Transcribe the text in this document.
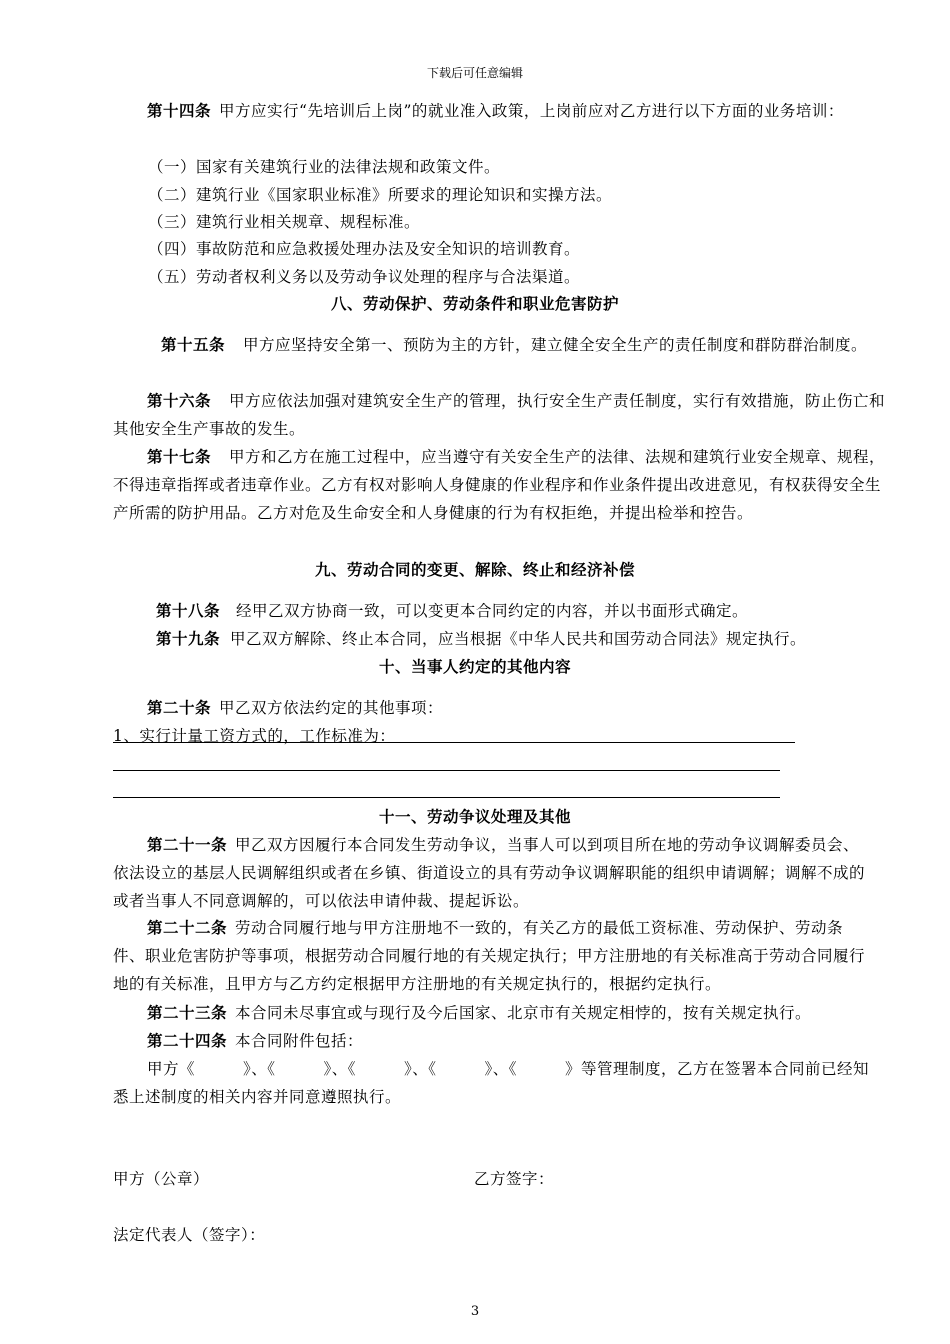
下载后可任意编辑
第十四条 甲方应实行“先培训后上岗”的就业准入政策，上岗前应对乙方进行以下方面的业务培训：
（一）国家有关建筑行业的法律法规和政策文件。
（二）建筑行业《国家职业标准》所要求的理论知识和实操方法。
（三）建筑行业相关规章、规程标准。
（四）事故防范和应急救援处理办法及安全知识的培训教育。
（五）劳动者权利义务以及劳动争议处理的程序与合法渠道。
八、劳动保护、劳动条件和职业危害防护
第十五条 甲方应坚持安全第一、预防为主的方针，建立健全安全生产的责任制度和群防群治制度。
第十六条 甲方应依法加强对建筑安全生产的管理，执行安全生产责任制度，实行有效措施，防止伤亡和其他安全生产事故的发生。
第十七条 甲方和乙方在施工过程中，应当遵守有关安全生产的法律、法规和建筑行业安全规章、规程，不得违章指挥或者违章作业。乙方有权对影响人身健康的作业程序和作业条件提出改进意见，有权获得安全生产所需的防护用品。乙方对危及生命安全和人身健康的行为有权拒绝，并提出检举和控告。
九、劳动合同的变更、解除、终止和经济补偿
第十八条 经甲乙双方协商一致，可以变更本合同约定的内容，并以书面形式确定。
第十九条 甲乙双方解除、终止本合同，应当根据《中华人民共和国劳动合同法》规定执行。
十、当事人约定的其他内容
第二十条 甲乙双方依法约定的其他事项：
1、实行计量工资方式的，工作标准为：
十一、劳动争议处理及其他
第二十一条 甲乙双方因履行本合同发生劳动争议，当事人可以到项目所在地的劳动争议调解委员会、依法设立的基层人民调解组织或者在乡镇、街道设立的具有劳动争议调解职能的组织申请调解；调解不成的或者当事人不同意调解的，可以依法申请仲裁、提起诉讼。
第二十二条 劳动合同履行地与甲方注册地不一致的，有关乙方的最低工资标准、劳动保护、劳动条件、职业危害防护等事项，根据劳动合同履行地的有关规定执行；甲方注册地的有关标准高于劳动合同履行地的有关标准，且甲方与乙方约定根据甲方注册地的有关规定执行的，根据约定执行。
第二十三条 本合同未尽事宜或与现行及今后国家、北京市有关规定相悖的，按有关规定执行。
第二十四条 本合同附件包括：
甲方《　　　》、《　　　》、《　　　》、《　　　》、《　　　》等管理制度，乙方在签署本合同前已经知悉上述制度的相关内容并同意遵照执行。
甲方（公章）	乙方签字：
法定代表人（签字）：
3
